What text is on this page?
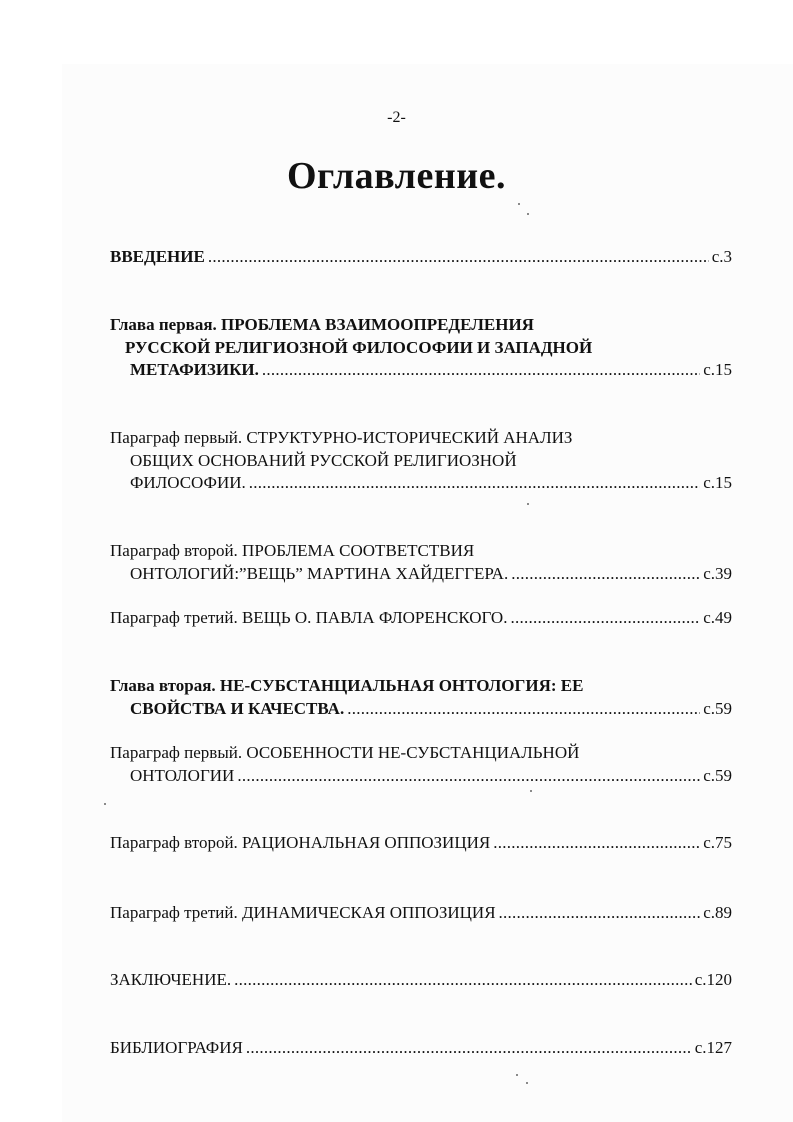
-2-
Оглавление.
ВВЕДЕНИЕ . . .	с.3
Глава первая. ПРОБЛЕМА ВЗАИМООПРЕДЕЛЕНИЯ
РУССКОЙ РЕЛИГИОЗНОЙ ФИЛОСОФИИ И ЗАПАДНОЙ
МЕТАФИЗИКИ. . . .	с.15
Параграф первый. СТРУКТУРНО-ИСТОРИЧЕСКИЙ АНАЛИЗ
ОБЩИХ ОСНОВАНИЙ РУССКОЙ РЕЛИГИОЗНОЙ
ФИЛОСОФИИ. . . .	с.15
Параграф второй. ПРОБЛЕМА СООТВЕТСТВИЯ
ОНТОЛОГИЙ:”ВЕЩЬ” МАРТИНА ХАЙДЕГГЕРА. . . .	с.39
Параграф третий. ВЕЩЬ О. ПАВЛА ФЛОРЕНСКОГО. . . .	с.49
Глава вторая. НЕ-СУБСТАНЦИАЛЬНАЯ ОНТОЛОГИЯ: ЕЕ
СВОЙСТВА И КАЧЕСТВА. . . .	с.59
Параграф первый. ОСОБЕННОСТИ НЕ-СУБСТАНЦИАЛЬНОЙ
ОНТОЛОГИИ . . .	с.59
Параграф второй. РАЦИОНАЛЬНАЯ ОППОЗИЦИЯ . . .	с.75
Параграф третий. ДИНАМИЧЕСКАЯ ОППОЗИЦИЯ . . .	с.89
ЗАКЛЮЧЕНИЕ. . . .	с.120
БИБЛИОГРАФИЯ . . .	с.127
